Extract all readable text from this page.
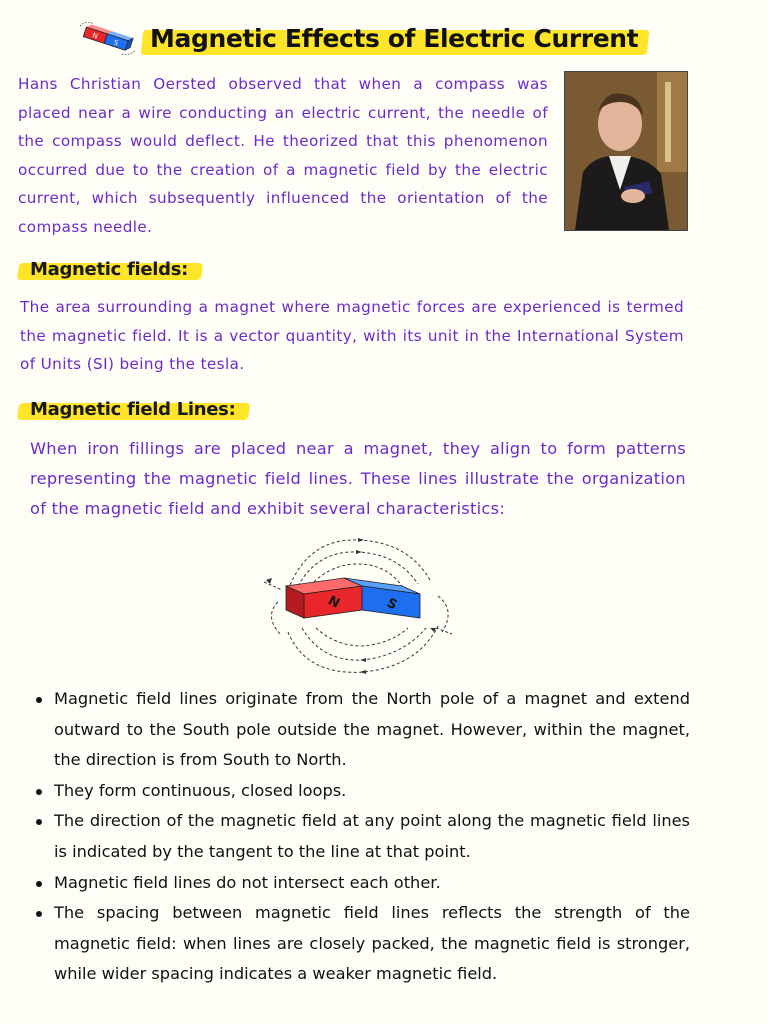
N
S Magnetic Effects of Electric Current
Hans Christian Oersted observed that when a compass was placed near a wire conducting an electric current, the needle of the compass would deflect. He theorized that this phenomenon occurred due to the creation of a magnetic field by the electric current, which subsequently influenced the orientation of the compass needle.
Magnetic fields:
The area surrounding a magnet where magnetic forces are experienced is termed the magnetic field. It is a vector quantity, with its unit in the International System of Units (SI) being the tesla.
Magnetic field Lines:
When iron fillings are placed near a magnet, they align to form patterns representing the magnetic field lines. These lines illustrate the organization of the magnetic field and exhibit several characteristics:
N	S
Magnetic field lines originate from the North pole of a magnet and extend outward to the South pole outside the magnet. However, within the magnet, the direction is from South to North.
They form continuous, closed loops.
The direction of the magnetic field at any point along the magnetic field lines is indicated by the tangent to the line at that point.
Magnetic field lines do not intersect each other.
The spacing between magnetic field lines reflects the strength of the magnetic field: when lines are closely packed, the magnetic field is stronger, while wider spacing indicates a weaker magnetic field.
